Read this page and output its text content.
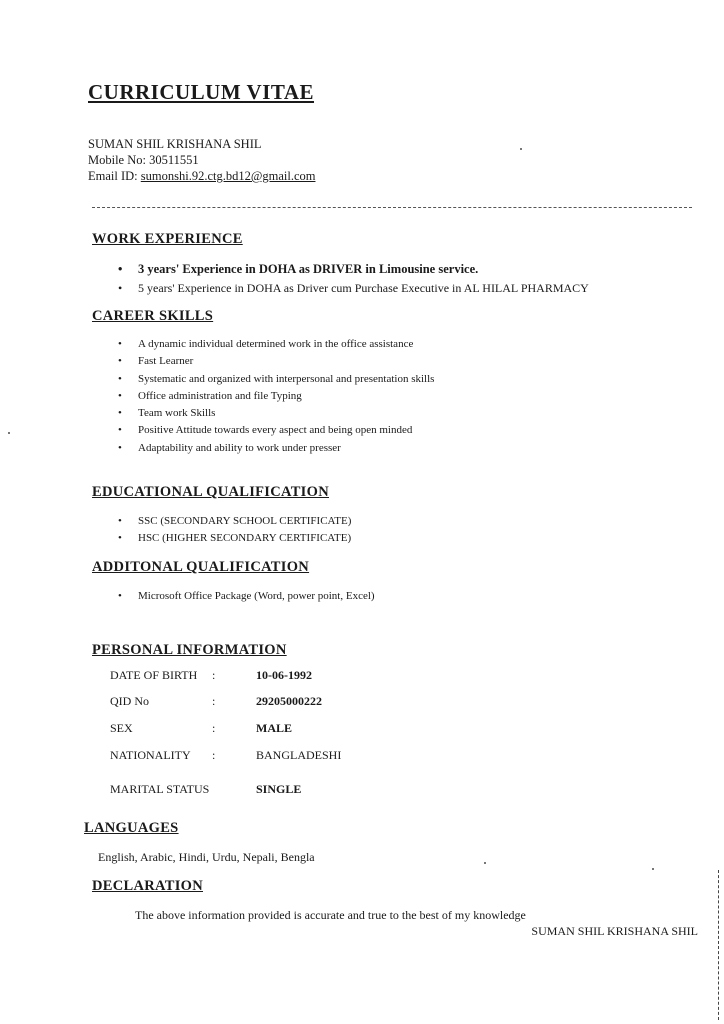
CURRICULUM VITAE
SUMAN SHIL KRISHANA SHIL
Mobile No: 30511551
Email ID: sumonshi.92.ctg.bd12@gmail.com
WORK EXPERIENCE
• 3 years' Experience in DOHA as DRIVER in Limousine service.
• 5 years' Experience in DOHA as Driver cum Purchase Executive in AL HILAL PHARMACY
CAREER SKILLS
• A dynamic individual determined work in the office assistance
• Fast Learner
• Systematic and organized with interpersonal and presentation skills
• Office administration and file Typing
• Team work Skills
• Positive Attitude towards every aspect and being open minded
• Adaptability and ability to work under presser
EDUCATIONAL QUALIFICATION
• SSC (SECONDARY SCHOOL CERTIFICATE)
• HSC (HIGHER SECONDARY CERTIFICATE)
ADDITONAL QUALIFICATION
• Microsoft Office Package (Word, power point, Excel)
PERSONAL INFORMATION
DATE OF BIRTH :	10-06-1992
QID No	:	29205000222
SEX	:	MALE
NATIONALITY :	BANGLADESHI
MARITAL STATUS	SINGLE
LANGUAGES
English, Arabic, Hindi, Urdu, Nepali, Bengla
DECLARATION
The above information provided is accurate and true to the best of my knowledge
SUMAN SHIL KRISHANA SHIL
